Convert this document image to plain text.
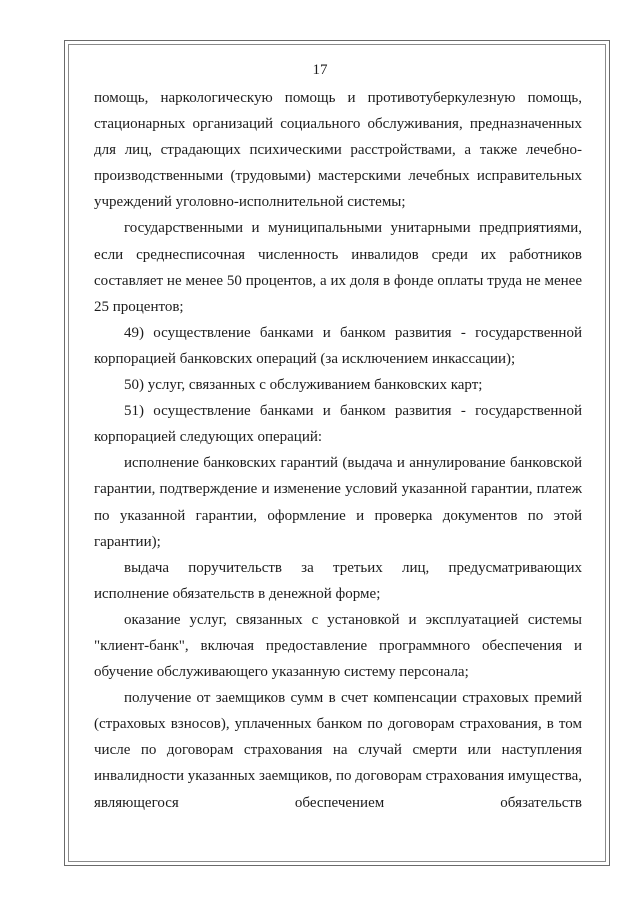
17

помощь, наркологическую помощь и противотуберкулезную помощь, стационарных организаций социального обслуживания, предназначенных для лиц, страдающих психическими расстройствами, а также лечебно-производственными (трудовыми) мастерскими лечебных исправительных учреждений уголовно-исполнительной системы;

государственными и муниципальными унитарными предприятиями, если среднесписочная численность инвалидов среди их работников составляет не менее 50 процентов, а их доля в фонде оплаты труда не менее 25 процентов;

49) осуществление банками и банком развития - государственной корпорацией банковских операций (за исключением инкассации);

50) услуг, связанных с обслуживанием банковских карт;

51) осуществление банками и банком развития - государственной корпорацией следующих операций:

исполнение банковских гарантий (выдача и аннулирование банковской гарантии, подтверждение и изменение условий указанной гарантии, платеж по указанной гарантии, оформление и проверка документов по этой гарантии);

выдача поручительств за третьих лиц, предусматривающих исполнение обязательств в денежной форме;

оказание услуг, связанных с установкой и эксплуатацией системы "клиент-банк", включая предоставление программного обеспечения и обучение обслуживающего указанную систему персонала;

получение от заемщиков сумм в счет компенсации страховых премий (страховых взносов), уплаченных банком по договорам страхования, в том числе по договорам страхования на случай смерти или наступления инвалидности указанных заемщиков, по договорам страхования имущества, являющегося обеспечением обязательств
